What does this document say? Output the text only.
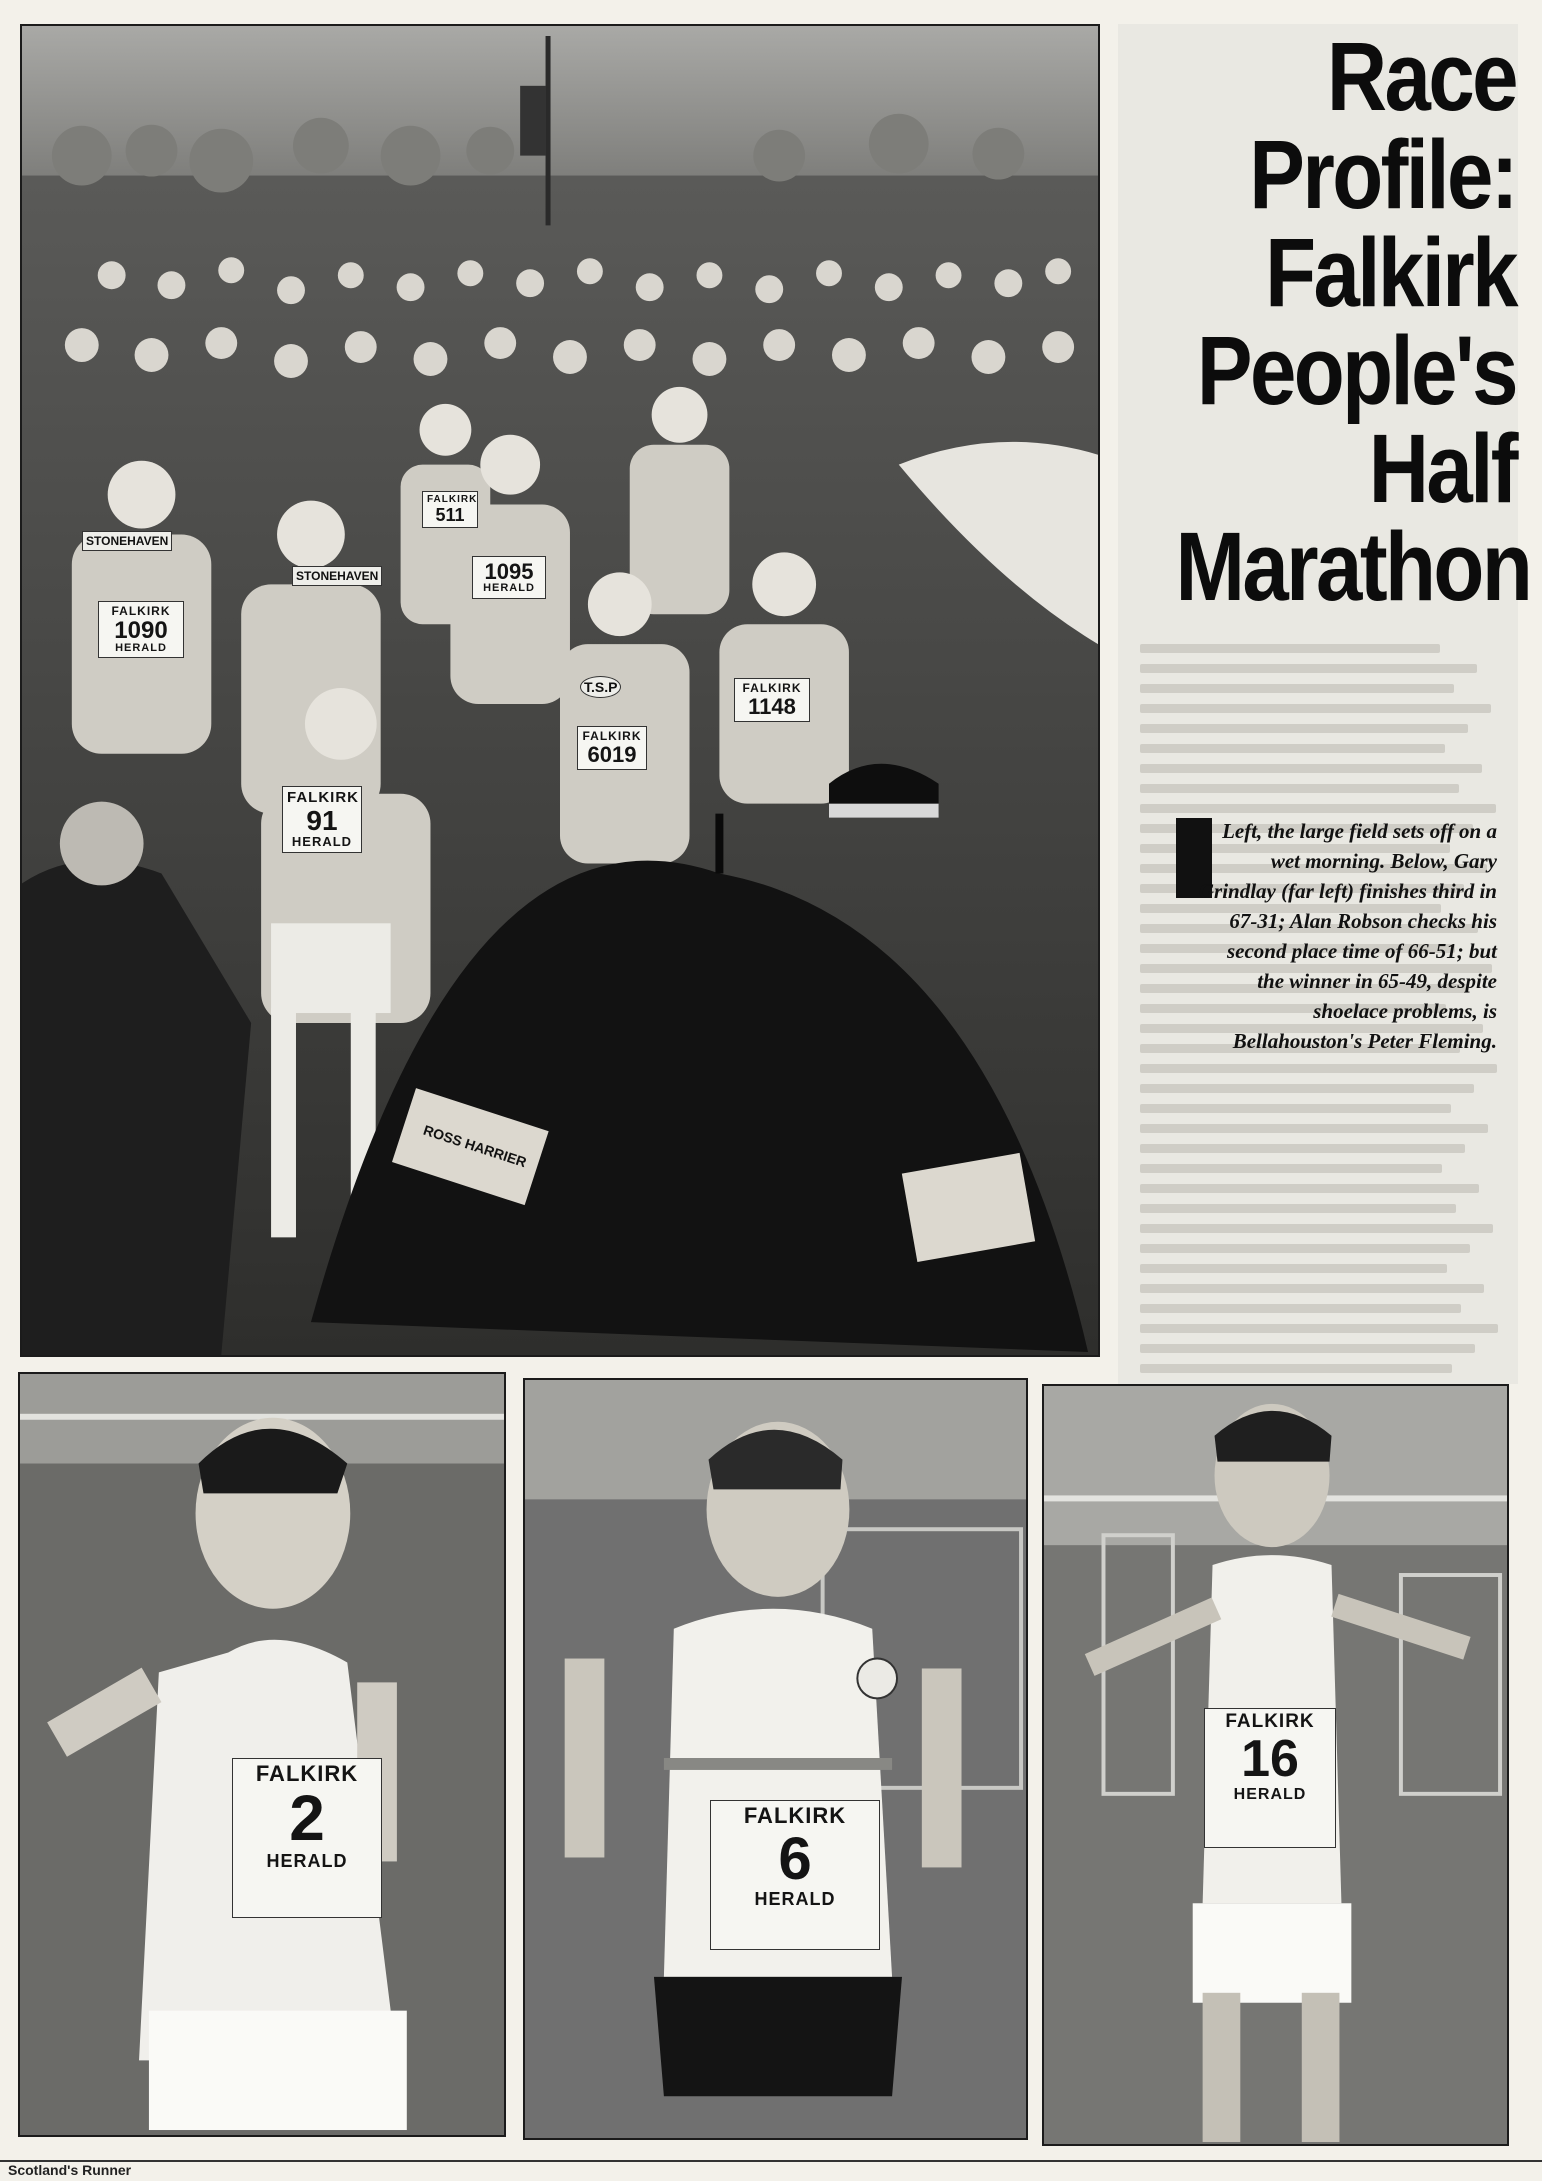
FALKIRK
91
HERALD
FALKIRK
6019
FALKIRK
1148
FALKIRK
1090
HERALD
1095
HERALD
FALKIRK
511
STONEHAVEN
STONEHAVEN
T.S.P
ROSS HARRIER
FALKIRK
2
HERALD
FALKIRK
6
HERALD
FALKIRK
16
HERALD
Race
Profile:
Falkirk
People's
Half
Marathon
Left, the large field sets off on a wet morning. Below, Gary Grindlay (far left) finishes third in 67-31; Alan Robson checks his second place time of 66-51; but the winner in 65-49, despite shoelace problems, is Bellahouston's Peter Fleming.
Scotland's Runner
